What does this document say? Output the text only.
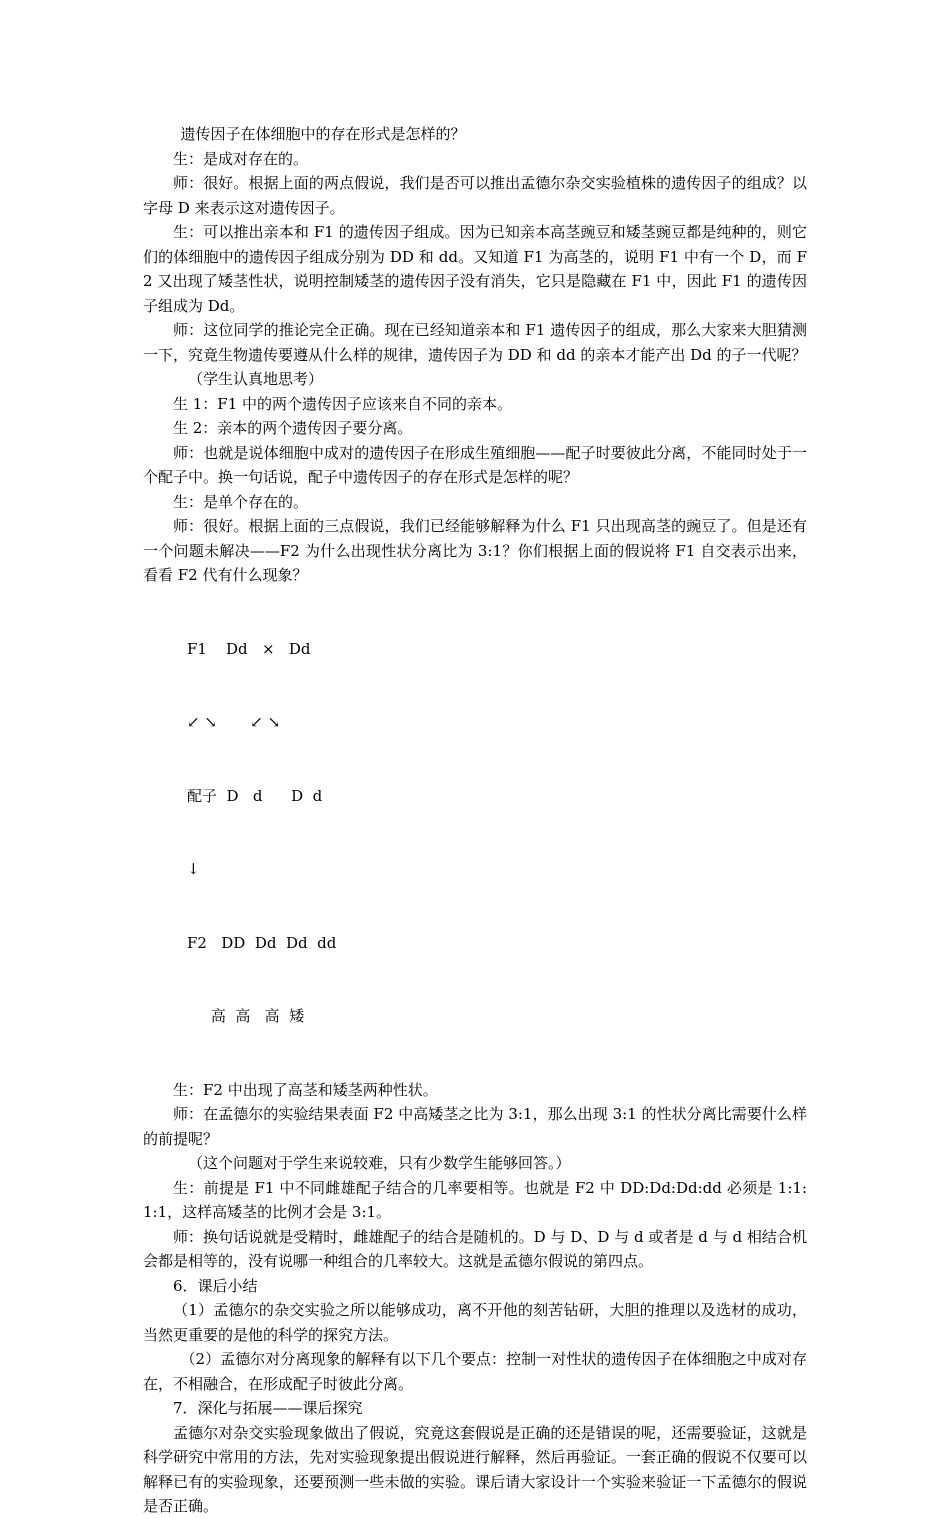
遗传因子在体细胞中的存在形式是怎样的？

生：是成对存在的。

师：很好。根据上面的两点假说，我们是否可以推出孟德尔杂交实验植株的遗传因子的组成？以字母 D 来表示这对遗传因子。

生：可以推出亲本和 F1 的遗传因子组成。因为已知亲本高茎豌豆和矮茎豌豆都是纯种的，则它们的体细胞中的遗传因子组成分别为 DD 和 dd。又知道 F1 为高茎的，说明 F1 中有一个 D，而 F2 又出现了矮茎性状，说明控制矮茎的遗传因子没有消失，它只是隐藏在 F1 中，因此 F1 的遗传因子组成为 Dd。

师：这位同学的推论完全正确。现在已经知道亲本和 F1 遗传因子的组成，那么大家来大胆猜测一下，究竟生物遗传要遵从什么样的规律，遗传因子为 DD 和 dd 的亲本才能产出 Dd 的子一代呢？

（学生认真地思考）

生 1：F1 中的两个遗传因子应该来自不同的亲本。

生 2：亲本的两个遗传因子要分离。

师：也就是说体细胞中成对的遗传因子在形成生殖细胞——配子时要彼此分离，不能同时处于一个配子中。换一句话说，配子中遗传因子的存在形式是怎样的呢？

生：是单个存在的。

师：很好。根据上面的三点假说，我们已经能够解释为什么 F1 只出现高茎的豌豆了。但是还有一个问题未解决——F2 为什么出现性状分离比为 3:1？你们根据上面的假说将 F1 自交表示出来，看看 F2 代有什么现象？

F1    Dd   ×   Dd

↙ ↘       ↙ ↘

配子  D   d      D  d

↓

F2   DD  Dd  Dd  dd

高  高   高  矮

生：F2 中出现了高茎和矮茎两种性状。

师：在孟德尔的实验结果表面 F2 中高矮茎之比为 3:1，那么出现 3:1 的性状分离比需要什么样的前提呢？

（这个问题对于学生来说较难，只有少数学生能够回答。）

生：前提是 F1 中不同雌雄配子结合的几率要相等。也就是 F2 中 DD:Dd:Dd:dd 必须是 1:1:1:1，这样高矮茎的比例才会是 3:1。

师：换句话说就是受精时，雌雄配子的结合是随机的。D 与 D、D 与 d 或者是 d 与 d 相结合机会都是相等的，没有说哪一种组合的几率较大。这就是孟德尔假说的第四点。

6．课后小结

（1）孟德尔的杂交实验之所以能够成功，离不开他的刻苦钻研，大胆的推理以及选材的成功，当然更重要的是他的科学的探究方法。

（2）孟德尔对分离现象的解释有以下几个要点：控制一对性状的遗传因子在体细胞之中成对存在，不相融合，在形成配子时彼此分离。

7．深化与拓展——课后探究

孟德尔对杂交实验现象做出了假说，究竟这套假说是正确的还是错误的呢，还需要验证，这就是科学研究中常用的方法，先对实验现象提出假说进行解释，然后再验证。一套正确的假说不仅要可以解释已有的实验现象，还要预测一些未做的实验。课后请大家设计一个实验来验证一下孟德尔的假说是否正确。
